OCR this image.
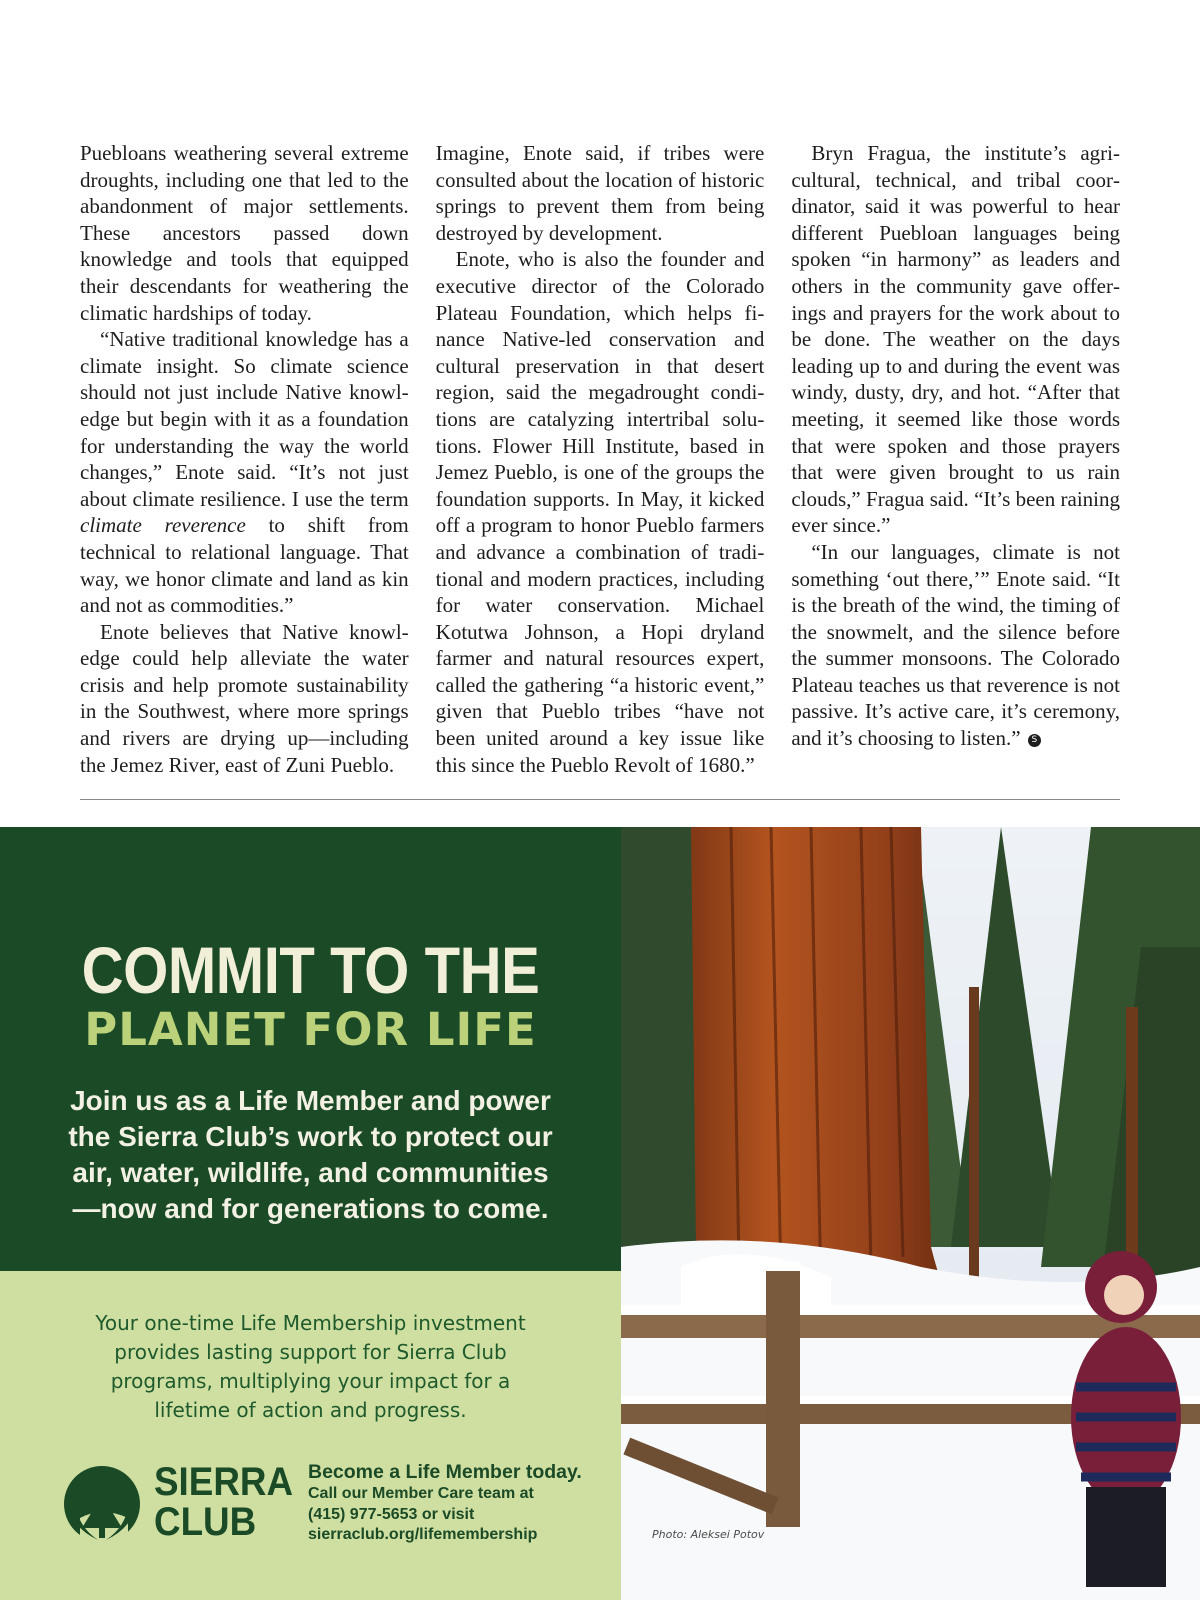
Puebloans weathering several extreme droughts, including one that led to the abandonment of major settlements. These ancestors passed down knowledge and tools that equipped their descendants for weathering the climatic hardships of today.

“Native traditional knowledge has a climate insight. So climate science should not just include Native knowledge but begin with it as a foundation for understanding the way the world changes,” Enote said. “It’s not just about climate resilience. I use the term climate reverence to shift from technical to relational language. That way, we honor climate and land as kin and not as commodities.”

Enote believes that Native knowledge could help alleviate the water crisis and help promote sustainability in the Southwest, where more springs and rivers are drying up—including the Jemez River, east of Zuni Pueblo.

Imagine, Enote said, if tribes were consulted about the location of historic springs to prevent them from being destroyed by development.

Enote, who is also the founder and executive director of the Colorado Plateau Foundation, which helps finance Native-led conservation and cultural preservation in that desert region, said the megadrought conditions are catalyzing intertribal solutions. Flower Hill Institute, based in Jemez Pueblo, is one of the groups the foundation supports. In May, it kicked off a program to honor Pueblo farmers and advance a combination of traditional and modern practices, including for water conservation. Michael Kotutwa Johnson, a Hopi dryland farmer and natural resources expert, called the gathering “a historic event,” given that Pueblo tribes “have not been united around a key issue like this since the Pueblo Revolt of 1680.”

Bryn Fragua, the institute’s agricultural, technical, and tribal coordinator, said it was powerful to hear different Puebloan languages being spoken “in harmony” as leaders and others in the community gave offerings and prayers for the work about to be done. The weather on the days leading up to and during the event was windy, dusty, dry, and hot. “After that meeting, it seemed like those words that were spoken and those prayers that were given brought to us rain clouds,” Fragua said. “It’s been raining ever since.”

“In our languages, climate is not something ‘out there,’” Enote said. “It is the breath of the wind, the timing of the snowmelt, and the silence before the summer monsoons. The Colorado Plateau teaches us that reverence is not passive. It’s active care, it’s ceremony, and it’s choosing to listen.” S

COMMIT TO THE
PLANET FOR LIFE
Join us as a Life Member and power the Sierra Club’s work to protect our air, water, wildlife, and communities—now and for generations to come.
Your one-time Life Membership investment provides lasting support for Sierra Club programs, multiplying your impact for a lifetime of action and progress.
SIERRA
CLUB
Become a Life Member today.
Call our Member Care team at
(415) 977-5653 or visit
sierraclub.org/lifemembership	Photo: Aleksei Potov
